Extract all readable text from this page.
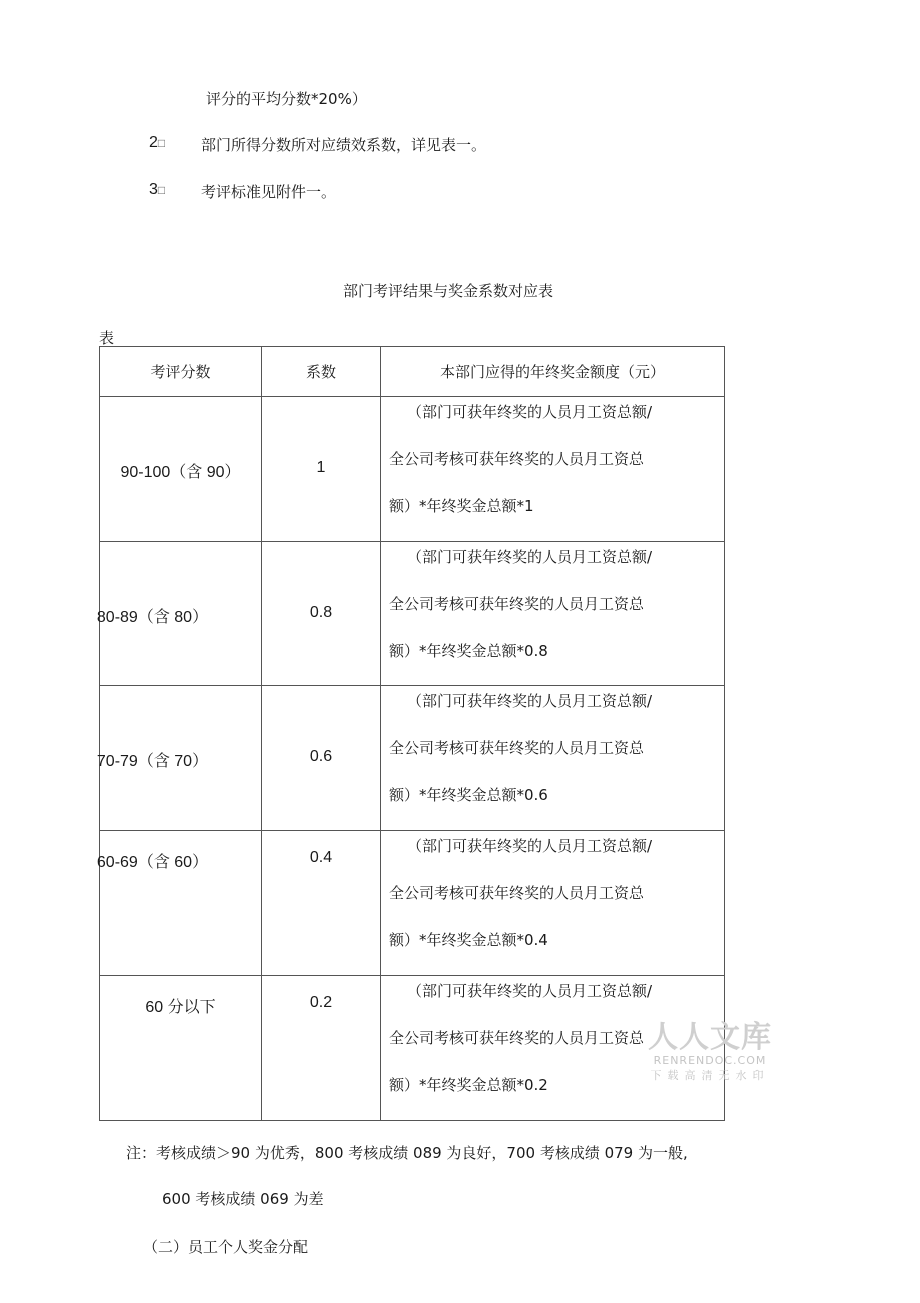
评分的平均分数*20%）
2□ 部门所得分数所对应绩效系数，详见表一。
3□ 考评标准见附件一。
部门考评结果与奖金系数对应表
表
考评分数	系数	本部门应得的年终奖金额度（元）

90-100（含 90）	1	（部门可获年终奖的人员月工资总额/
全公司考核可获年终奖的人员月工资总
额）*年终奖金总额*1

80-89（含 80）	0.8	（部门可获年终奖的人员月工资总额/
全公司考核可获年终奖的人员月工资总
额）*年终奖金总额*0.8

70-79（含 70）	0.6	（部门可获年终奖的人员月工资总额/
全公司考核可获年终奖的人员月工资总
额）*年终奖金总额*0.6

60-69（含 60）	0.4	（部门可获年终奖的人员月工资总额/
全公司考核可获年终奖的人员月工资总
额）*年终奖金总额*0.4

60 分以下	0.2	（部门可获年终奖的人员月工资总额/
全公司考核可获年终奖的人员月工资总
额）*年终奖金总额*0.2
人人文库
RENRENDOC.COM
下载高清无水印
注：考核成绩＞90 为优秀，800 考核成绩 089 为良好，700 考核成绩 079 为一般,
600 考核成绩 069 为差
（二）员工个人奖金分配
